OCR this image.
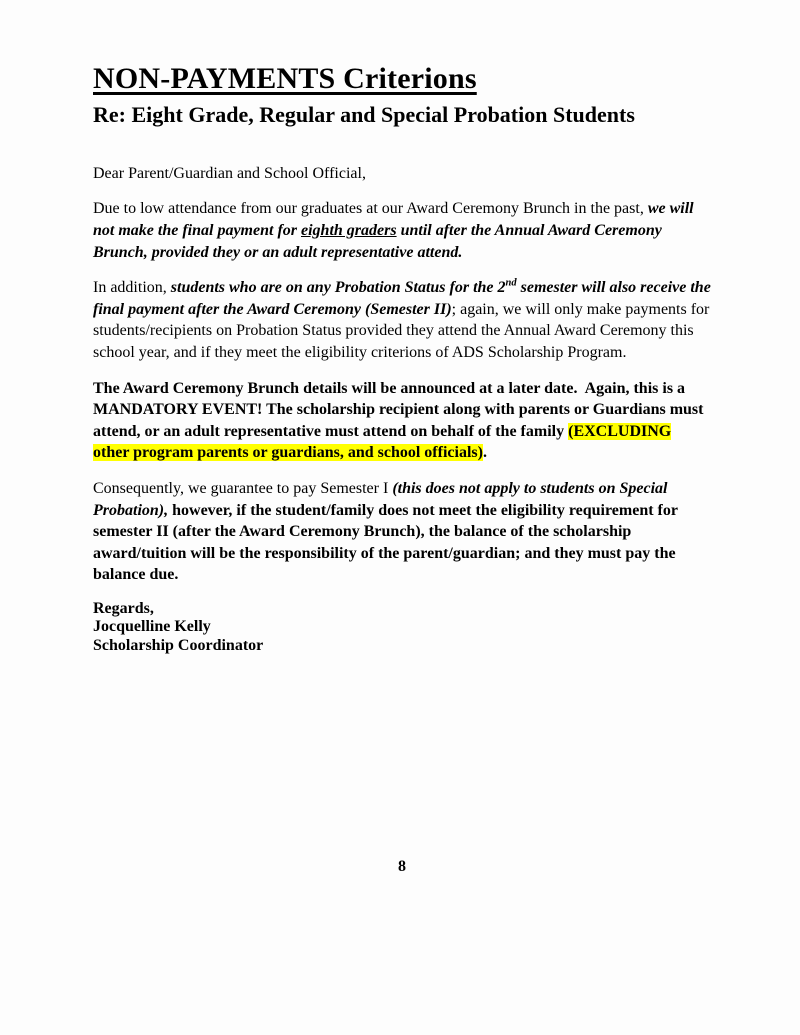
NON-PAYMENTS Criterions
Re: Eight Grade, Regular and Special Probation Students

Dear Parent/Guardian and School Official,

Due to low attendance from our graduates at our Award Ceremony Brunch in the past, we will not make the final payment for eighth graders until after the Annual Award Ceremony Brunch, provided they or an adult representative attend.

In addition, students who are on any Probation Status for the 2nd semester will also receive the final payment after the Award Ceremony (Semester II); again, we will only make payments for students/recipients on Probation Status provided they attend the Annual Award Ceremony this school year, and if they meet the eligibility criterions of ADS Scholarship Program.

The Award Ceremony Brunch details will be announced at a later date.  Again, this is a MANDATORY EVENT! The scholarship recipient along with parents or Guardians must attend, or an adult representative must attend on behalf of the family (EXCLUDING other program parents or guardians, and school officials).

Consequently, we guarantee to pay Semester I (this does not apply to students on Special Probation), however, if the student/family does not meet the eligibility requirement for semester II (after the Award Ceremony Brunch), the balance of the scholarship award/tuition will be the responsibility of the parent/guardian; and they must pay the balance due.

Regards,
Jocquelline Kelly
Scholarship Coordinator
8
